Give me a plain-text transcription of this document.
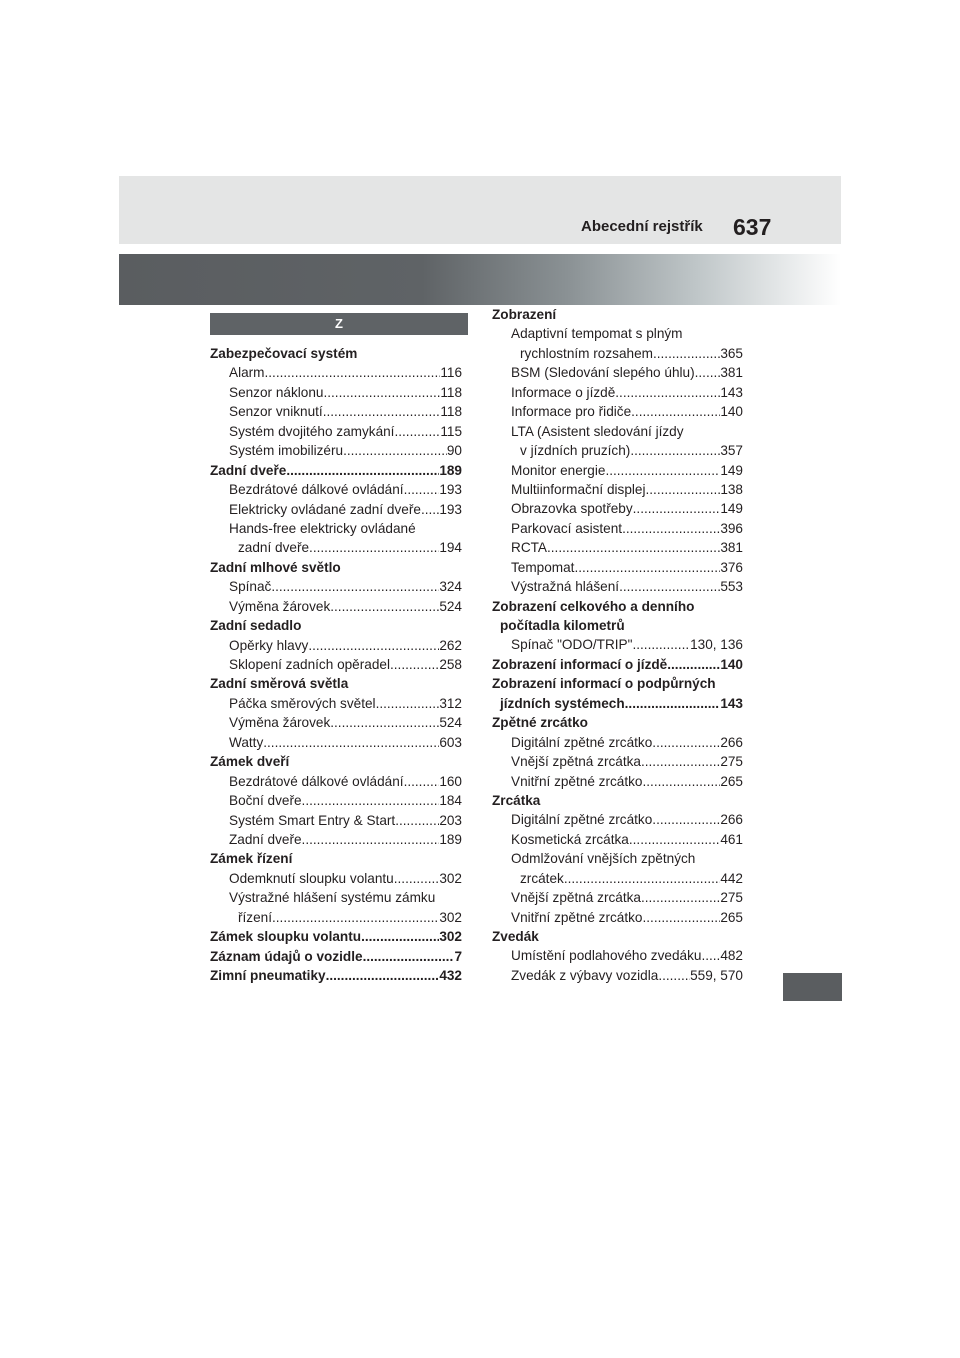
Abecední rejstřík 637
Z
Zabezpečovací systém
Alarm .....	116
Senzor náklonu .....	118
Senzor vniknutí .....	118
Systém dvojitého zamykání .....	115
Systém imobilizéru .....	90
Zadní dveře .....	189
Bezdrátové dálkové ovládání .....	193
Elektricky ovládané zadní dveře ..... 193
Hands-free elektricky ovládané
zadní dveře .....	194
Zadní mlhové světlo
Spínač .....	324
Výměna žárovek .....	524
Zadní sedadlo
Opěrky hlavy .....	262
Sklopení zadních opěradel .....	258
Zadní směrová světla
Páčka směrových světel .....	312
Výměna žárovek .....	524
Watty .....	603
Zámek dveří
Bezdrátové dálkové ovládání .....	160
Boční dveře .....	184
Systém Smart Entry & Start .....	203
Zadní dveře .....	189
Zámek řízení
Odemknutí sloupku volantu .....	302
Výstražné hlášení systému zámku
řízení .....	302
Zámek sloupku volantu .....	302
Záznam údajů o vozidle .....	7
Zimní pneumatiky .....	432
Zobrazení
Adaptivní tempomat s plným
rychlostním rozsahem .....	365
BSM (Sledování slepého úhlu) ..... 381
Informace o jízdě .....	143
Informace pro řidiče .....	140
LTA (Asistent sledování jízdy
v jízdních pruzích) .....	357
Monitor energie .....	149
Multiinformační displej .....	138
Obrazovka spotřeby .....	149
Parkovací asistent .....	396
RCTA .....	381
Tempomat .....	376
Výstražná hlášení .....	553
Zobrazení celkového a denního
počítadla kilometrů
Spínač "ODO/TRIP" .....	130, 136
Zobrazení informací o jízdě .....	140
Zobrazení informací o podpůrných
jízdních systémech .....	143
Zpětné zrcátko
Digitální zpětné zrcátko .....	266
Vnější zpětná zrcátka .....	275
Vnitřní zpětné zrcátko .....	265
Zrcátka
Digitální zpětné zrcátko .....	266
Kosmetická zrcátka .....	461
Odmlžování vnějších zpětných
zrcátek .....	442
Vnější zpětná zrcátka .....	275
Vnitřní zpětné zrcátko .....	265
Zvedák
Umístění podlahového zvedáku ..... 482
Zvedák z výbavy vozidla ..... 559, 570
